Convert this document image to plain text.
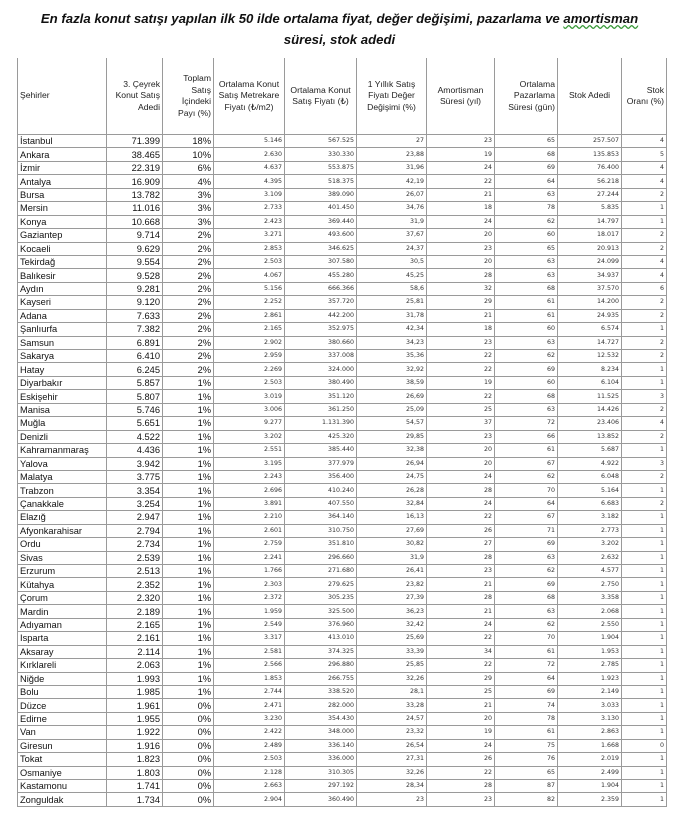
En fazla konut satışı yapılan ilk 50 ilde ortalama fiyat, değer değişimi, pazarlama ve amortisman
süresi, stok adedi
Şehirler	3. Çeyrek Konut Satış Adedi	Toplam Satış İçindeki Payı (%)	Ortalama Konut Satış Metrekare Fiyatı (₺/m2)	Ortalama Konut Satış Fiyatı (₺)	1 Yıllık Satış Fiyatı Değer Değişimi (%)	Amortisman Süresi (yıl)	Ortalama Pazarlama Süresi (gün)	Stok Adedi	Stok Oranı (%)
İstanbul	71.399	18%	5.146	567.525	27	23	65	257.507	4
Ankara	38.465	10%	2.630	330.330	23,88	19	68	135.853	5
İzmir	22.319	6%	4.637	553.875	31,96	24	69	76.400	4
Antalya	16.909	4%	4.395	518.375	42,19	22	64	56.218	4
Bursa	13.782	3%	3.109	389.090	26,07	21	63	27.244	2
Mersin	11.016	3%	2.733	401.450	34,76	18	78	5.835	1
Konya	10.668	3%	2.423	369.440	31,9	24	62	14.797	1
Gaziantep	9.714	2%	3.271	493.600	37,67	20	60	18.017	2
Kocaeli	9.629	2%	2.853	346.625	24,37	23	65	20.913	2
Tekirdağ	9.554	2%	2.503	307.580	30,5	20	63	24.099	4
Balıkesir	9.528	2%	4.067	455.280	45,25	28	63	34.937	4
Aydın	9.281	2%	5.156	666.366	58,6	32	68	37.570	6
Kayseri	9.120	2%	2.252	357.720	25,81	29	61	14.200	2
Adana	7.633	2%	2.861	442.200	31,78	21	61	24.935	2
Şanlıurfa	7.382	2%	2.165	352.975	42,34	18	60	6.574	1
Samsun	6.891	2%	2.902	380.660	34,23	23	63	14.727	2
Sakarya	6.410	2%	2.959	337.008	35,36	22	62	12.532	2
Hatay	6.245	2%	2.269	324.000	32,92	22	69	8.234	1
Diyarbakır	5.857	1%	2.503	380.490	38,59	19	60	6.104	1
Eskişehir	5.807	1%	3.019	351.120	26,69	22	68	11.525	3
Manisa	5.746	1%	3.006	361.250	25,09	25	63	14.426	2
Muğla	5.651	1%	9.277	1.131.390	54,57	37	72	23.406	4
Denizli	4.522	1%	3.202	425.320	29,85	23	66	13.852	2
Kahramanmaraş	4.436	1%	2.551	385.440	32,38	20	61	5.687	1
Yalova	3.942	1%	3.195	377.979	26,94	20	67	4.922	3
Malatya	3.775	1%	2.243	356.400	24,75	24	62	6.048	2
Trabzon	3.354	1%	2.696	410.240	26,28	28	70	5.164	1
Çanakkale	3.254	1%	3.891	407.550	32,84	24	64	6.683	2
Elazığ	2.947	1%	2.210	364.140	16,13	22	67	3.182	1
Afyonkarahisar	2.794	1%	2.601	310.750	27,69	26	71	2.773	1
Ordu	2.734	1%	2.759	351.810	30,82	27	69	3.202	1
Sivas	2.539	1%	2.241	296.660	31,9	28	63	2.632	1
Erzurum	2.513	1%	1.766	271.680	26,41	23	62	4.577	1
Kütahya	2.352	1%	2.303	279.625	23,82	21	69	2.750	1
Çorum	2.320	1%	2.372	305.235	27,39	28	68	3.358	1
Mardin	2.189	1%	1.959	325.500	36,23	21	63	2.068	1
Adıyaman	2.165	1%	2.549	376.960	32,42	24	62	2.550	1
Isparta	2.161	1%	3.317	413.010	25,69	22	70	1.904	1
Aksaray	2.114	1%	2.581	374.325	33,39	34	61	1.953	1
Kırklareli	2.063	1%	2.566	296.880	25,85	22	72	2.785	1
Niğde	1.993	1%	1.853	266.755	32,26	29	64	1.923	1
Bolu	1.985	1%	2.744	338.520	28,1	25	69	2.149	1
Düzce	1.961	0%	2.471	282.000	33,28	21	74	3.033	1
Edirne	1.955	0%	3.230	354.430	24,57	20	78	3.130	1
Van	1.922	0%	2.422	348.000	23,32	19	61	2.863	1
Giresun	1.916	0%	2.489	336.140	26,54	24	75	1.668	0
Tokat	1.823	0%	2.503	336.000	27,31	26	76	2.019	1
Osmaniye	1.803	0%	2.128	310.305	32,26	22	65	2.499	1
Kastamonu	1.741	0%	2.663	297.192	28,34	28	87	1.904	1
Zonguldak	1.734	0%	2.904	360.490	23	23	82	2.359	1
